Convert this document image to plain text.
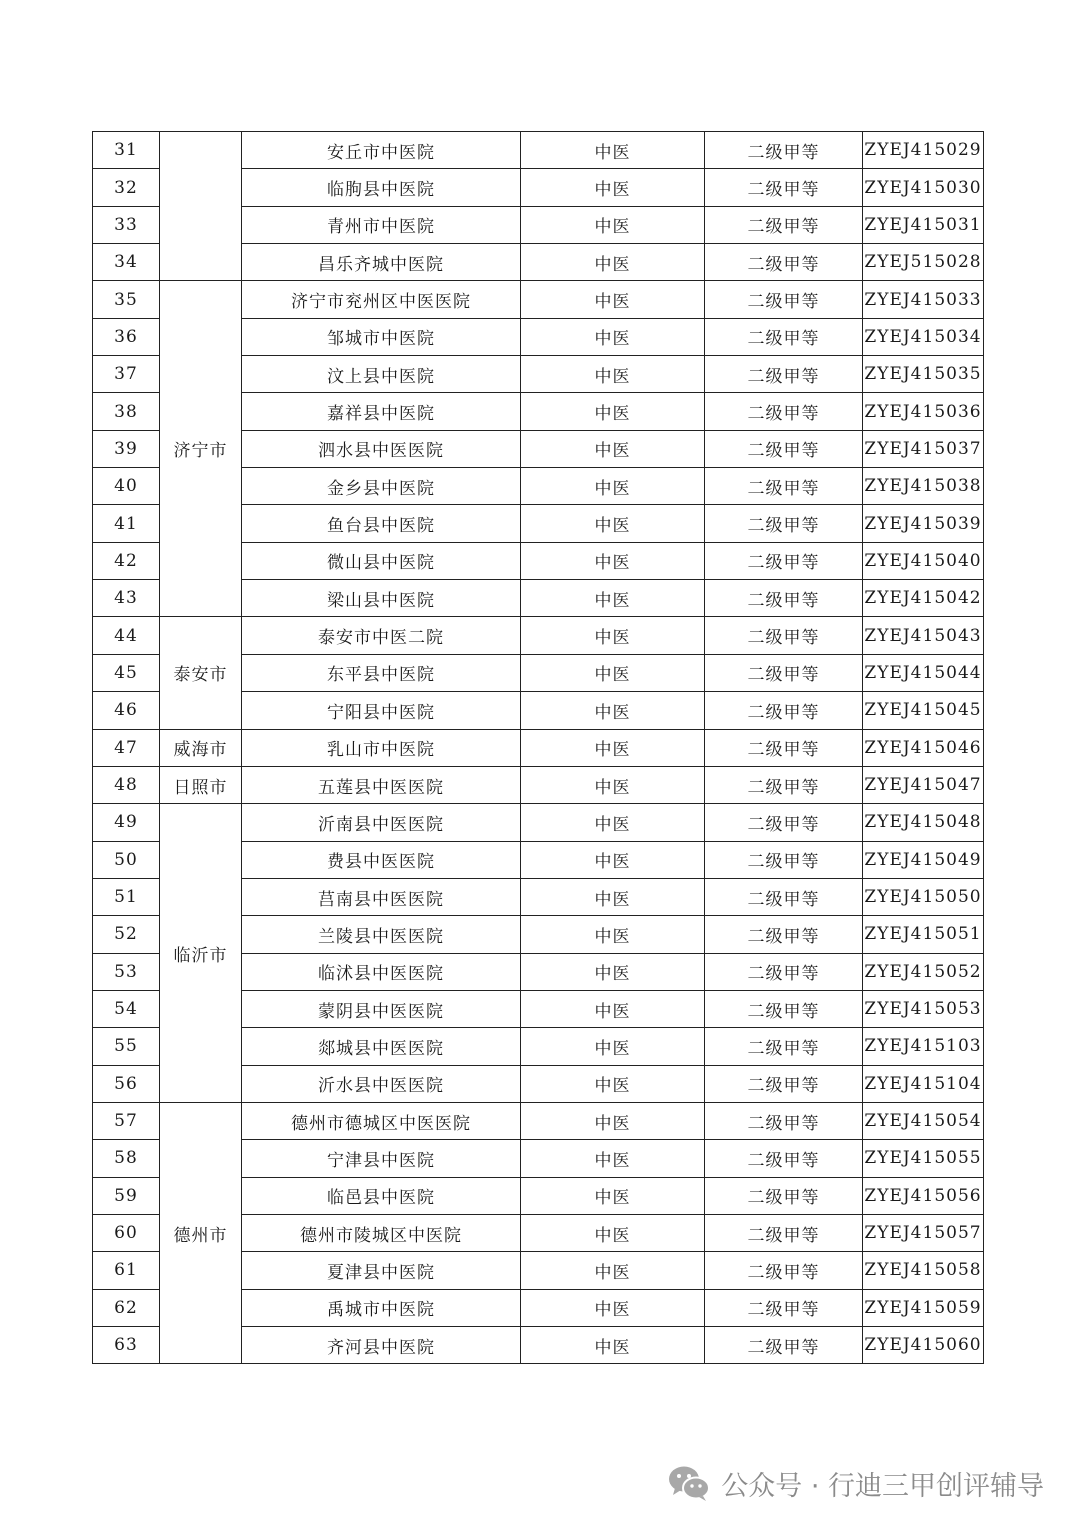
31		安丘市中医院	中医	二级甲等	ZYEJ415029
32		临朐县中医院	中医	二级甲等	ZYEJ415030
33		青州市中医院	中医	二级甲等	ZYEJ415031
34		昌乐齐城中医院	中医	二级甲等	ZYEJ515028
35	济宁市	济宁市兖州区中医医院	中医	二级甲等	ZYEJ415033
36		邹城市中医院	中医	二级甲等	ZYEJ415034
37		汶上县中医院	中医	二级甲等	ZYEJ415035
38		嘉祥县中医院	中医	二级甲等	ZYEJ415036
39		泗水县中医医院	中医	二级甲等	ZYEJ415037
40		金乡县中医院	中医	二级甲等	ZYEJ415038
41		鱼台县中医院	中医	二级甲等	ZYEJ415039
42		微山县中医院	中医	二级甲等	ZYEJ415040
43		梁山县中医院	中医	二级甲等	ZYEJ415042
44	泰安市	泰安市中医二院	中医	二级甲等	ZYEJ415043
45		东平县中医院	中医	二级甲等	ZYEJ415044
46		宁阳县中医院	中医	二级甲等	ZYEJ415045
47	威海市	乳山市中医院	中医	二级甲等	ZYEJ415046
48	日照市	五莲县中医医院	中医	二级甲等	ZYEJ415047
49	临沂市	沂南县中医医院	中医	二级甲等	ZYEJ415048
50		费县中医医院	中医	二级甲等	ZYEJ415049
51		莒南县中医医院	中医	二级甲等	ZYEJ415050
52		兰陵县中医医院	中医	二级甲等	ZYEJ415051
53		临沭县中医医院	中医	二级甲等	ZYEJ415052
54		蒙阴县中医医院	中医	二级甲等	ZYEJ415053
55		郯城县中医医院	中医	二级甲等	ZYEJ415103
56		沂水县中医医院	中医	二级甲等	ZYEJ415104
57	德州市	德州市德城区中医医院	中医	二级甲等	ZYEJ415054
58		宁津县中医院	中医	二级甲等	ZYEJ415055
59		临邑县中医院	中医	二级甲等	ZYEJ415056
60		德州市陵城区中医院	中医	二级甲等	ZYEJ415057
61		夏津县中医院	中医	二级甲等	ZYEJ415058
62		禹城市中医院	中医	二级甲等	ZYEJ415059
63		齐河县中医院	中医	二级甲等	ZYEJ415060
公众号 · 行迪三甲创评辅导
